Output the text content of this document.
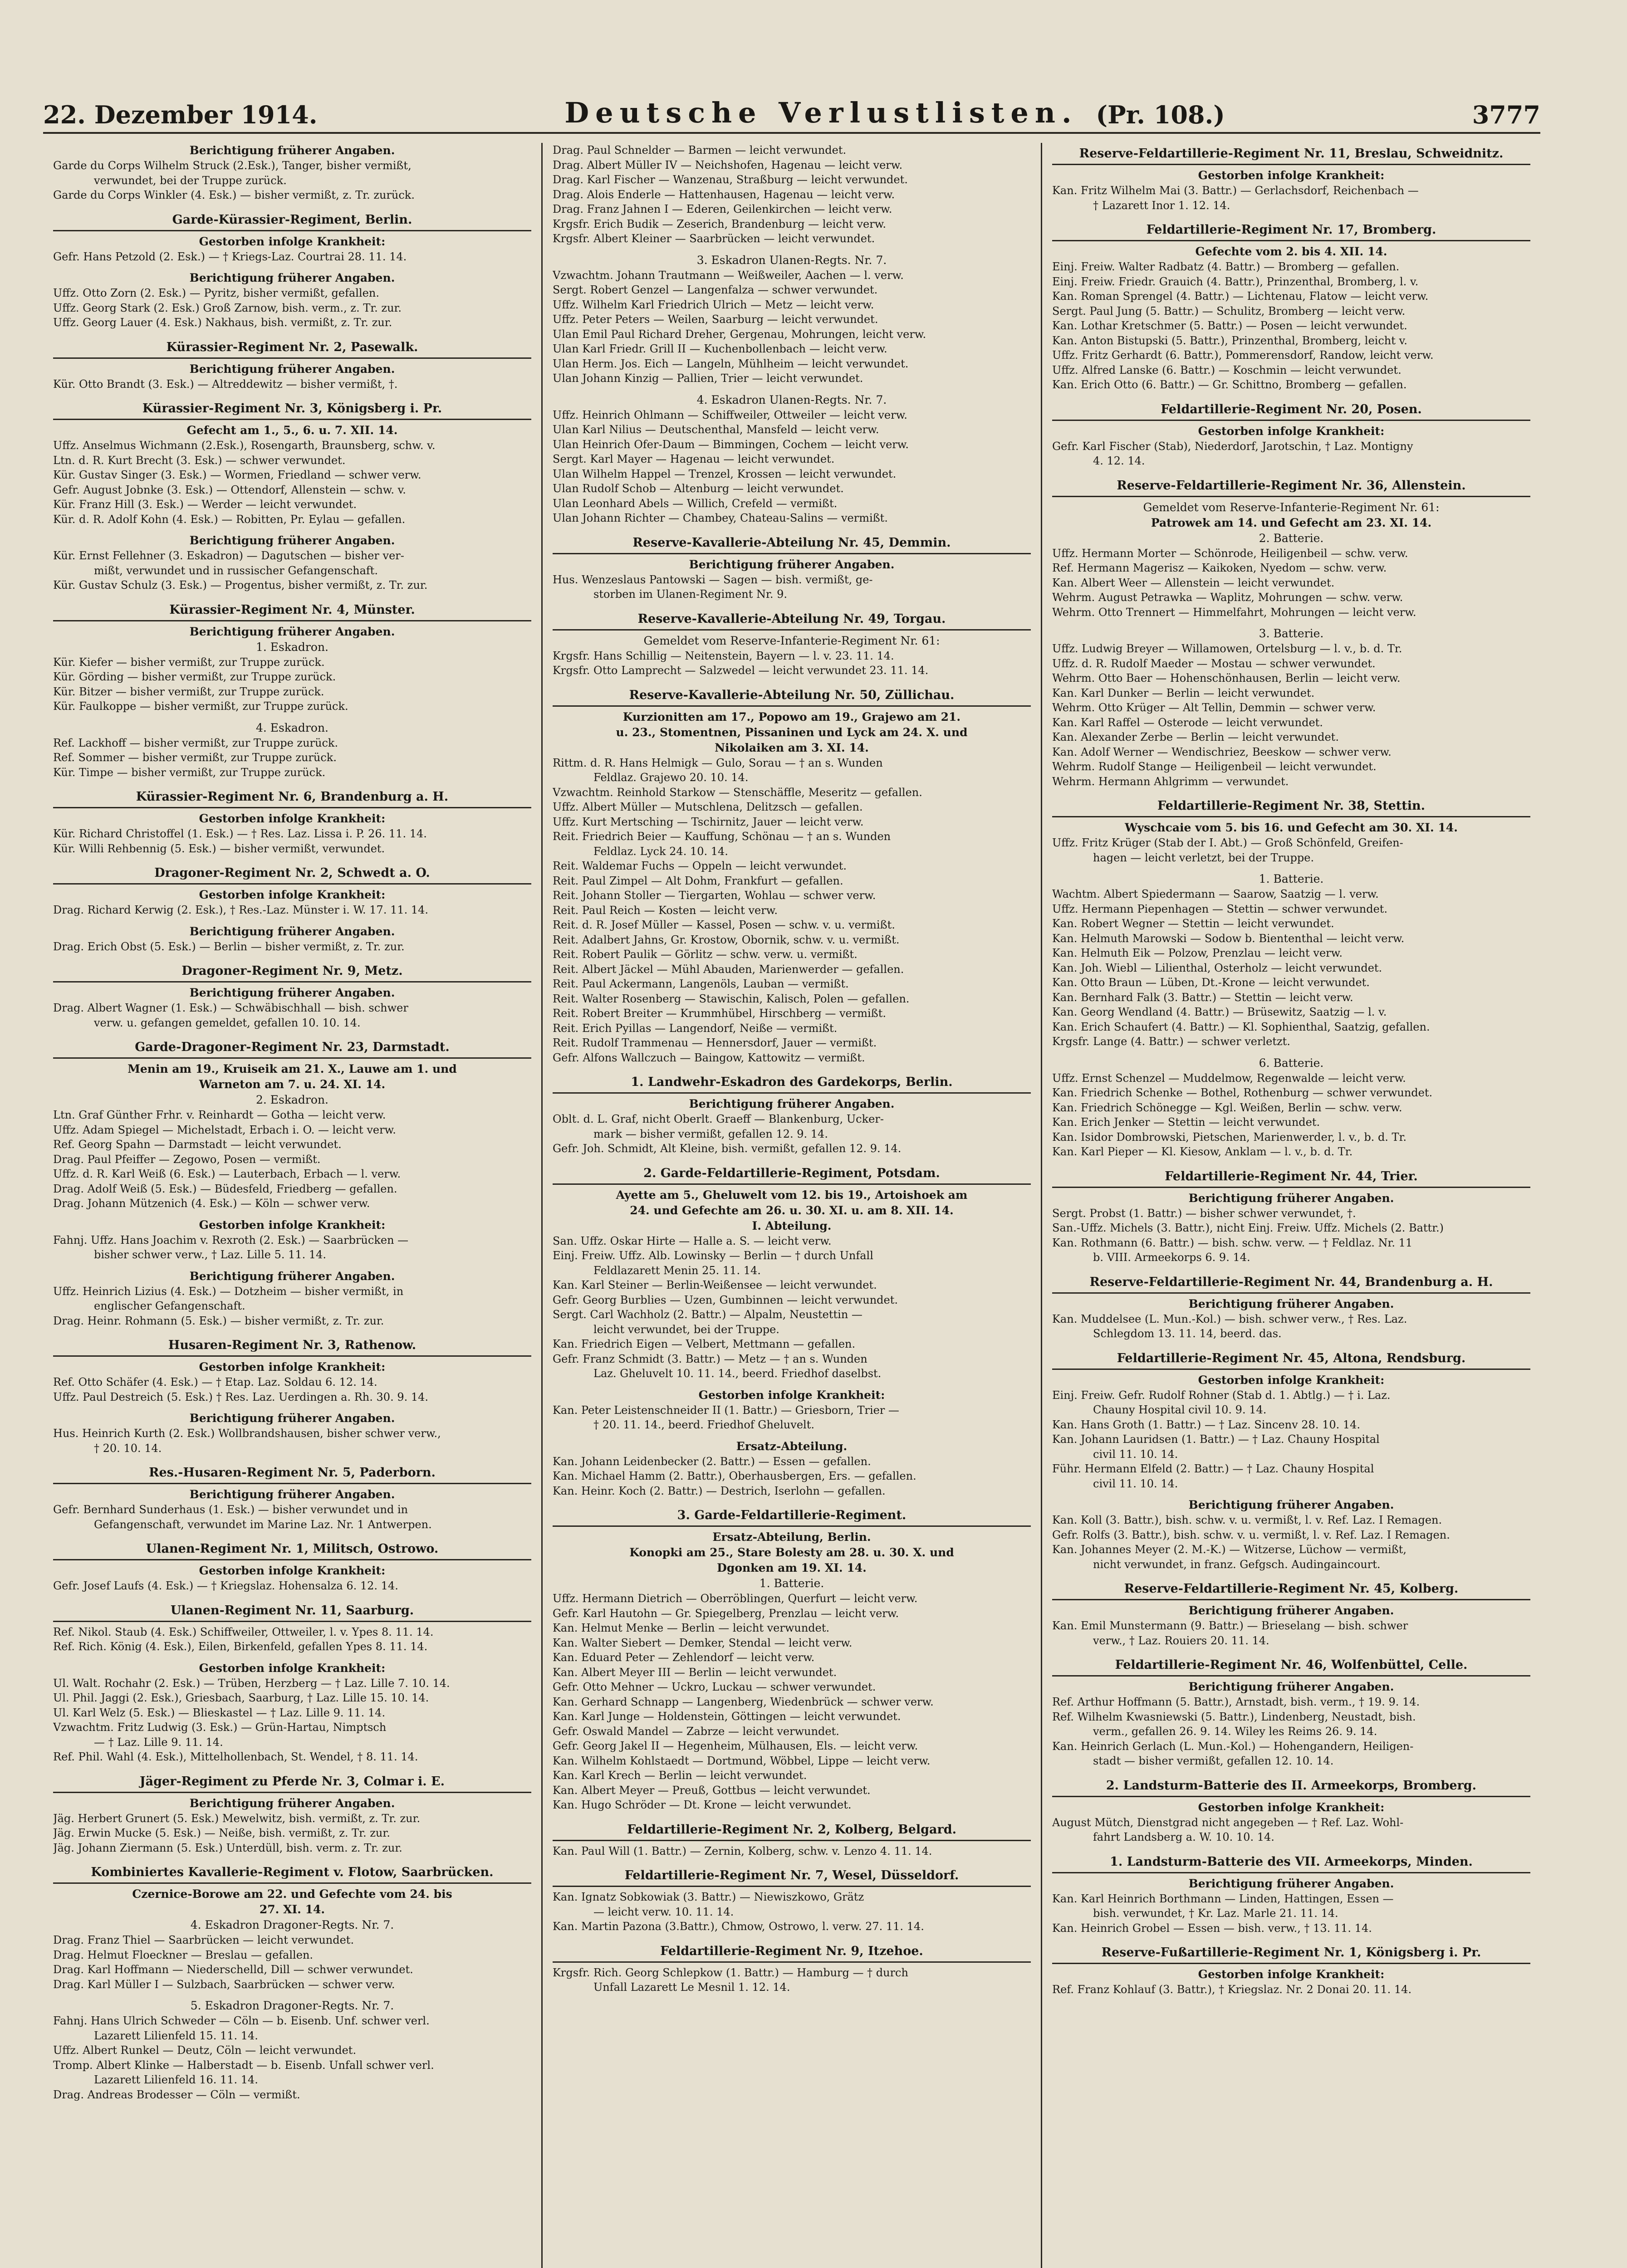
22. Dezember 1914.	Deutsche Verlustlisten. (Pr. 108.)	3777
Berichtigung früherer Angaben.
Garde du Corps Wilhelm Struck (2.Esk.), Tanger, bisher vermißt,
verwundet, bei der Truppe zurück.
Garde du Corps Winkler (4. Esk.) — bisher vermißt, z. Tr. zurück.
Garde-Kürassier-Regiment, Berlin.
Gestorben infolge Krankheit:
Gefr. Hans Petzold (2. Esk.) — † Kriegs-Laz. Courtrai 28. 11. 14.
Berichtigung früherer Angaben.
Uffz. Otto Zorn (2. Esk.) — Pyritz, bisher vermißt, gefallen.
Uffz. Georg Stark (2. Esk.) Groß Zarnow, bish. verm., z. Tr. zur.
Uffz. Georg Lauer (4. Esk.) Nakhaus, bish. vermißt, z. Tr. zur.
Kürassier-Regiment Nr. 2, Pasewalk.
Berichtigung früherer Angaben.
Kür. Otto Brandt (3. Esk.) — Altreddewitz — bisher vermißt, †.
Kürassier-Regiment Nr. 3, Königsberg i. Pr.
Gefecht am 1., 5., 6. u. 7. XII. 14.
Uffz. Anselmus Wichmann (2.Esk.), Rosengarth, Braunsberg, schw. v.
Ltn. d. R. Kurt Brecht (3. Esk.) — schwer verwundet.
Kür. Gustav Singer (3. Esk.) — Wormen, Friedland — schwer verw.
Gefr. August Jobnke (3. Esk.) — Ottendorf, Allenstein — schw. v.
Kür. Franz Hill (3. Esk.) — Werder — leicht verwundet.
Kür. d. R. Adolf Kohn (4. Esk.) — Robitten, Pr. Eylau — gefallen.
Berichtigung früherer Angaben.
Kür. Ernst Fellehner (3. Eskadron) — Dagutschen — bisher ver-
mißt, verwundet und in russischer Gefangenschaft.
Kür. Gustav Schulz (3. Esk.) — Progentus, bisher vermißt, z. Tr. zur.
Kürassier-Regiment Nr. 4, Münster.
Berichtigung früherer Angaben.
1. Eskadron.
Kür. Kiefer — bisher vermißt, zur Truppe zurück.
Kür. Görding — bisher vermißt, zur Truppe zurück.
Kür. Bitzer — bisher vermißt, zur Truppe zurück.
Kür. Faulkoppe — bisher vermißt, zur Truppe zurück.
4. Eskadron.
Ref. Lackhoff — bisher vermißt, zur Truppe zurück.
Ref. Sommer — bisher vermißt, zur Truppe zurück.
Kür. Timpe — bisher vermißt, zur Truppe zurück.
Kürassier-Regiment Nr. 6, Brandenburg a. H.
Gestorben infolge Krankheit:
Kür. Richard Christoffel (1. Esk.) — † Res. Laz. Lissa i. P. 26. 11. 14.
Kür. Willi Rehbennig (5. Esk.) — bisher vermißt, verwundet.
Dragoner-Regiment Nr. 2, Schwedt a. O.
Gestorben infolge Krankheit:
Drag. Richard Kerwig (2. Esk.), † Res.-Laz. Münster i. W. 17. 11. 14.
Berichtigung früherer Angaben.
Drag. Erich Obst (5. Esk.) — Berlin — bisher vermißt, z. Tr. zur.
Dragoner-Regiment Nr. 9, Metz.
Berichtigung früherer Angaben.
Drag. Albert Wagner (1. Esk.) — Schwäbischhall — bish. schwer
verw. u. gefangen gemeldet, gefallen 10. 10. 14.
Garde-Dragoner-Regiment Nr. 23, Darmstadt.
Menin am 19., Kruiseik am 21. X., Lauwe am 1. und
Warneton am 7. u. 24. XI. 14.
2. Eskadron.
Ltn. Graf Günther Frhr. v. Reinhardt — Gotha — leicht verw.
Uffz. Adam Spiegel — Michelstadt, Erbach i. O. — leicht verw.
Ref. Georg Spahn — Darmstadt — leicht verwundet.
Drag. Paul Pfeiffer — Zegowo, Posen — vermißt.
Uffz. d. R. Karl Weiß (6. Esk.) — Lauterbach, Erbach — l. verw.
Drag. Adolf Weiß (5. Esk.) — Büdesfeld, Friedberg — gefallen.
Drag. Johann Mützenich (4. Esk.) — Köln — schwer verw.
Gestorben infolge Krankheit:
Fahnj. Uffz. Hans Joachim v. Rexroth (2. Esk.) — Saarbrücken —
bisher schwer verw., † Laz. Lille 5. 11. 14.
Berichtigung früherer Angaben.
Uffz. Heinrich Lizius (4. Esk.) — Dotzheim — bisher vermißt, in
englischer Gefangenschaft.
Drag. Heinr. Rohmann (5. Esk.) — bisher vermißt, z. Tr. zur.
Husaren-Regiment Nr. 3, Rathenow.
Gestorben infolge Krankheit:
Ref. Otto Schäfer (4. Esk.) — † Etap. Laz. Soldau 6. 12. 14.
Uffz. Paul Destreich (5. Esk.) † Res. Laz. Uerdingen a. Rh. 30. 9. 14.
Berichtigung früherer Angaben.
Hus. Heinrich Kurth (2. Esk.) Wollbrandshausen, bisher schwer verw.,
† 20. 10. 14.
Res.-Husaren-Regiment Nr. 5, Paderborn.
Berichtigung früherer Angaben.
Gefr. Bernhard Sunderhaus (1. Esk.) — bisher verwundet und in
Gefangenschaft, verwundet im Marine Laz. Nr. 1 Antwerpen.
Ulanen-Regiment Nr. 1, Militsch, Ostrowo.
Gestorben infolge Krankheit:
Gefr. Josef Laufs (4. Esk.) — † Kriegslaz. Hohensalza 6. 12. 14.
Ulanen-Regiment Nr. 11, Saarburg.
Ref. Nikol. Staub (4. Esk.) Schiffweiler, Ottweiler, l. v. Ypes 8. 11. 14.
Ref. Rich. König (4. Esk.), Eilen, Birkenfeld, gefallen Ypes 8. 11. 14.
Gestorben infolge Krankheit:
Ul. Walt. Rochahr (2. Esk.) — Trüben, Herzberg — † Laz. Lille 7. 10. 14.
Ul. Phil. Jaggi (2. Esk.), Griesbach, Saarburg, † Laz. Lille 15. 10. 14.
Ul. Karl Welz (5. Esk.) — Blieskastel — † Laz. Lille 9. 11. 14.
Vzwachtm. Fritz Ludwig (3. Esk.) — Grün-Hartau, Nimptsch
— † Laz. Lille 9. 11. 14.
Ref. Phil. Wahl (4. Esk.), Mittelhollenbach, St. Wendel, † 8. 11. 14.
Jäger-Regiment zu Pferde Nr. 3, Colmar i. E.
Berichtigung früherer Angaben.
Jäg. Herbert Grunert (5. Esk.) Mewelwitz, bish. vermißt, z. Tr. zur.
Jäg. Erwin Mucke (5. Esk.) — Neiße, bish. vermißt, z. Tr. zur.
Jäg. Johann Ziermann (5. Esk.) Unterdüll, bish. verm. z. Tr. zur.
Kombiniertes Kavallerie-Regiment v. Flotow, Saarbrücken.
Czernice-Borowe am 22. und Gefechte vom 24. bis
27. XI. 14.
4. Eskadron Dragoner-Regts. Nr. 7.
Drag. Franz Thiel — Saarbrücken — leicht verwundet.
Drag. Helmut Floeckner — Breslau — gefallen.
Drag. Karl Hoffmann — Niederschelld, Dill — schwer verwundet.
Drag. Karl Müller I — Sulzbach, Saarbrücken — schwer verw.
5. Eskadron Dragoner-Regts. Nr. 7.
Fahnj. Hans Ulrich Schweder — Cöln — b. Eisenb. Unf. schwer verl.
Lazarett Lilienfeld 15. 11. 14.
Uffz. Albert Runkel — Deutz, Cöln — leicht verwundet.
Tromp. Albert Klinke — Halberstadt — b. Eisenb. Unfall schwer verl.
Lazarett Lilienfeld 16. 11. 14.
Drag. Andreas Brodesser — Cöln — vermißt.
Drag. Paul Schnelder — Barmen — leicht verwundet.
Drag. Albert Müller IV — Neichshofen, Hagenau — leicht verw.
Drag. Karl Fischer — Wanzenau, Straßburg — leicht verwundet.
Drag. Alois Enderle — Hattenhausen, Hagenau — leicht verw.
Drag. Franz Jahnen I — Ederen, Geilenkirchen — leicht verw.
Krgsfr. Erich Budik — Zeserich, Brandenburg — leicht verw.
Krgsfr. Albert Kleiner — Saarbrücken — leicht verwundet.
3. Eskadron Ulanen-Regts. Nr. 7.
Vzwachtm. Johann Trautmann — Weißweiler, Aachen — l. verw.
Sergt. Robert Genzel — Langenfalza — schwer verwundet.
Uffz. Wilhelm Karl Friedrich Ulrich — Metz — leicht verw.
Uffz. Peter Peters — Weilen, Saarburg — leicht verwundet.
Ulan Emil Paul Richard Dreher, Gergenau, Mohrungen, leicht verw.
Ulan Karl Friedr. Grill II — Kuchenbollenbach — leicht verw.
Ulan Herm. Jos. Eich — Langeln, Mühlheim — leicht verwundet.
Ulan Johann Kinzig — Pallien, Trier — leicht verwundet.
4. Eskadron Ulanen-Regts. Nr. 7.
Uffz. Heinrich Ohlmann — Schiffweiler, Ottweiler — leicht verw.
Ulan Karl Nilius — Deutschenthal, Mansfeld — leicht verw.
Ulan Heinrich Ofer-Daum — Bimmingen, Cochem — leicht verw.
Sergt. Karl Mayer — Hagenau — leicht verwundet.
Ulan Wilhelm Happel — Trenzel, Krossen — leicht verwundet.
Ulan Rudolf Schob — Altenburg — leicht verwundet.
Ulan Leonhard Abels — Willich, Crefeld — vermißt.
Ulan Johann Richter — Chambey, Chateau-Salins — vermißt.
Reserve-Kavallerie-Abteilung Nr. 45, Demmin.
Berichtigung früherer Angaben.
Hus. Wenzeslaus Pantowski — Sagen — bish. vermißt, ge-
storben im Ulanen-Regiment Nr. 9.
Reserve-Kavallerie-Abteilung Nr. 49, Torgau.
Gemeldet vom Reserve-Infanterie-Regiment Nr. 61:
Krgsfr. Hans Schillig — Neitenstein, Bayern — l. v. 23. 11. 14.
Krgsfr. Otto Lamprecht — Salzwedel — leicht verwundet 23. 11. 14.
Reserve-Kavallerie-Abteilung Nr. 50, Züllichau.
Kurzionitten am 17., Popowo am 19., Grajewo am 21.
u. 23., Stomentnen, Pissaninen und Lyck am 24. X. und
Nikolaiken am 3. XI. 14.
Rittm. d. R. Hans Helmigk — Gulo, Sorau — † an s. Wunden
Feldlaz. Grajewo 20. 10. 14.
Vzwachtm. Reinhold Starkow — Stenschäffle, Meseritz — gefallen.
Uffz. Albert Müller — Mutschlena, Delitzsch — gefallen.
Uffz. Kurt Mertsching — Tschirnitz, Jauer — leicht verw.
Reit. Friedrich Beier — Kauffung, Schönau — † an s. Wunden
Feldlaz. Lyck 24. 10. 14.
Reit. Waldemar Fuchs — Oppeln — leicht verwundet.
Reit. Paul Zimpel — Alt Dohm, Frankfurt — gefallen.
Reit. Johann Stoller — Tiergarten, Wohlau — schwer verw.
Reit. Paul Reich — Kosten — leicht verw.
Reit. d. R. Josef Müller — Kassel, Posen — schw. v. u. vermißt.
Reit. Adalbert Jahns, Gr. Krostow, Obornik, schw. v. u. vermißt.
Reit. Robert Paulik — Görlitz — schw. verw. u. vermißt.
Reit. Albert Jäckel — Mühl Abauden, Marienwerder — gefallen.
Reit. Paul Ackermann, Langenöls, Lauban — vermißt.
Reit. Walter Rosenberg — Stawischin, Kalisch, Polen — gefallen.
Reit. Robert Breiter — Krummhübel, Hirschberg — vermißt.
Reit. Erich Pyillas — Langendorf, Neiße — vermißt.
Reit. Rudolf Trammenau — Hennersdorf, Jauer — vermißt.
Gefr. Alfons Wallczuch — Baingow, Kattowitz — vermißt.
1. Landwehr-Eskadron des Gardekorps, Berlin.
Berichtigung früherer Angaben.
Oblt. d. L. Graf, nicht Oberlt. Graeff — Blankenburg, Ucker-
mark — bisher vermißt, gefallen 12. 9. 14.
Gefr. Joh. Schmidt, Alt Kleine, bish. vermißt, gefallen 12. 9. 14.
2. Garde-Feldartillerie-Regiment, Potsdam.
Ayette am 5., Gheluwelt vom 12. bis 19., Artoishoek am
24. und Gefechte am 26. u. 30. XI. u. am 8. XII. 14.
I. Abteilung.
San. Uffz. Oskar Hirte — Halle a. S. — leicht verw.
Einj. Freiw. Uffz. Alb. Lowinsky — Berlin — † durch Unfall
Feldlazarett Menin 25. 11. 14.
Kan. Karl Steiner — Berlin-Weißensee — leicht verwundet.
Gefr. Georg Burblies — Uzen, Gumbinnen — leicht verwundet.
Sergt. Carl Wachholz (2. Battr.) — Alpalm, Neustettin —
leicht verwundet, bei der Truppe.
Kan. Friedrich Eigen — Velbert, Mettmann — gefallen.
Gefr. Franz Schmidt (3. Battr.) — Metz — † an s. Wunden
Laz. Gheluvelt 10. 11. 14., beerd. Friedhof daselbst.
Gestorben infolge Krankheit:
Kan. Peter Leistenschneider II (1. Battr.) — Griesborn, Trier —
† 20. 11. 14., beerd. Friedhof Gheluvelt.
Ersatz-Abteilung.
Kan. Johann Leidenbecker (2. Battr.) — Essen — gefallen.
Kan. Michael Hamm (2. Battr.), Oberhausbergen, Ers. — gefallen.
Kan. Heinr. Koch (2. Battr.) — Destrich, Iserlohn — gefallen.
3. Garde-Feldartillerie-Regiment.
Ersatz-Abteilung, Berlin.
Konopki am 25., Stare Bolesty am 28. u. 30. X. und
Dgonken am 19. XI. 14.
1. Batterie.
Uffz. Hermann Dietrich — Oberröblingen, Querfurt — leicht verw.
Gefr. Karl Hautohn — Gr. Spiegelberg, Prenzlau — leicht verw.
Kan. Helmut Menke — Berlin — leicht verwundet.
Kan. Walter Siebert — Demker, Stendal — leicht verw.
Kan. Eduard Peter — Zehlendorf — leicht verw.
Kan. Albert Meyer III — Berlin — leicht verwundet.
Gefr. Otto Mehner — Uckro, Luckau — schwer verwundet.
Kan. Gerhard Schnapp — Langenberg, Wiedenbrück — schwer verw.
Kan. Karl Junge — Holdenstein, Göttingen — leicht verwundet.
Gefr. Oswald Mandel — Zabrze — leicht verwundet.
Gefr. Georg Jakel II — Hegenheim, Mülhausen, Els. — leicht verw.
Kan. Wilhelm Kohlstaedt — Dortmund, Wöbbel, Lippe — leicht verw.
Kan. Karl Krech — Berlin — leicht verwundet.
Kan. Albert Meyer — Preuß, Gottbus — leicht verwundet.
Kan. Hugo Schröder — Dt. Krone — leicht verwundet.
Feldartillerie-Regiment Nr. 2, Kolberg, Belgard.
Kan. Paul Will (1. Battr.) — Zernin, Kolberg, schw. v. Lenzo 4. 11. 14.
Feldartillerie-Regiment Nr. 7, Wesel, Düsseldorf.
Kan. Ignatz Sobkowiak (3. Battr.) — Niewiszkowo, Grätz
— leicht verw. 10. 11. 14.
Kan. Martin Pazona (3.Battr.), Chmow, Ostrowo, l. verw. 27. 11. 14.
Feldartillerie-Regiment Nr. 9, Itzehoe.
Krgsfr. Rich. Georg Schlepkow (1. Battr.) — Hamburg — † durch
Unfall Lazarett Le Mesnil 1. 12. 14.
Reserve-Feldartillerie-Regiment Nr. 11, Breslau, Schweidnitz.
Gestorben infolge Krankheit:
Kan. Fritz Wilhelm Mai (3. Battr.) — Gerlachsdorf, Reichenbach —
† Lazarett Inor 1. 12. 14.
Feldartillerie-Regiment Nr. 17, Bromberg.
Gefechte vom 2. bis 4. XII. 14.
Einj. Freiw. Walter Radbatz (4. Battr.) — Bromberg — gefallen.
Einj. Freiw. Friedr. Grauich (4. Battr.), Prinzenthal, Bromberg, l. v.
Kan. Roman Sprengel (4. Battr.) — Lichtenau, Flatow — leicht verw.
Sergt. Paul Jung (5. Battr.) — Schulitz, Bromberg — leicht verw.
Kan. Lothar Kretschmer (5. Battr.) — Posen — leicht verwundet.
Kan. Anton Bistupski (5. Battr.), Prinzenthal, Bromberg, leicht v.
Uffz. Fritz Gerhardt (6. Battr.), Pommerensdorf, Randow, leicht verw.
Uffz. Alfred Lanske (6. Battr.) — Koschmin — leicht verwundet.
Kan. Erich Otto (6. Battr.) — Gr. Schittno, Bromberg — gefallen.
Feldartillerie-Regiment Nr. 20, Posen.
Gestorben infolge Krankheit:
Gefr. Karl Fischer (Stab), Niederdorf, Jarotschin, † Laz. Montigny
4. 12. 14.
Reserve-Feldartillerie-Regiment Nr. 36, Allenstein.
Gemeldet vom Reserve-Infanterie-Regiment Nr. 61:
Patrowek am 14. und Gefecht am 23. XI. 14.
2. Batterie.
Uffz. Hermann Morter — Schönrode, Heiligenbeil — schw. verw.
Ref. Hermann Magerisz — Kaikoken, Nyedom — schw. verw.
Kan. Albert Weer — Allenstein — leicht verwundet.
Wehrm. August Petrawka — Waplitz, Mohrungen — schw. verw.
Wehrm. Otto Trennert — Himmelfahrt, Mohrungen — leicht verw.
3. Batterie.
Uffz. Ludwig Breyer — Willamowen, Ortelsburg — l. v., b. d. Tr.
Uffz. d. R. Rudolf Maeder — Mostau — schwer verwundet.
Wehrm. Otto Baer — Hohenschönhausen, Berlin — leicht verw.
Kan. Karl Dunker — Berlin — leicht verwundet.
Wehrm. Otto Krüger — Alt Tellin, Demmin — schwer verw.
Kan. Karl Raffel — Osterode — leicht verwundet.
Kan. Alexander Zerbe — Berlin — leicht verwundet.
Kan. Adolf Werner — Wendischriez, Beeskow — schwer verw.
Wehrm. Rudolf Stange — Heiligenbeil — leicht verwundet.
Wehrm. Hermann Ahlgrimm — verwundet.
Feldartillerie-Regiment Nr. 38, Stettin.
Wyschcaie vom 5. bis 16. und Gefecht am 30. XI. 14.
Uffz. Fritz Krüger (Stab der I. Abt.) — Groß Schönfeld, Greifen-
hagen — leicht verletzt, bei der Truppe.
1. Batterie.
Wachtm. Albert Spiedermann — Saarow, Saatzig — l. verw.
Uffz. Hermann Piepenhagen — Stettin — schwer verwundet.
Kan. Robert Wegner — Stettin — leicht verwundet.
Kan. Helmuth Marowski — Sodow b. Biententhal — leicht verw.
Kan. Helmuth Eik — Polzow, Prenzlau — leicht verw.
Kan. Joh. Wiebl — Lilienthal, Osterholz — leicht verwundet.
Kan. Otto Braun — Lüben, Dt.-Krone — leicht verwundet.
Kan. Bernhard Falk (3. Battr.) — Stettin — leicht verw.
Kan. Georg Wendland (4. Battr.) — Brüsewitz, Saatzig — l. v.
Kan. Erich Schaufert (4. Battr.) — Kl. Sophienthal, Saatzig, gefallen.
Krgsfr. Lange (4. Battr.) — schwer verletzt.
6. Batterie.
Uffz. Ernst Schenzel — Muddelmow, Regenwalde — leicht verw.
Kan. Friedrich Schenke — Bothel, Rothenburg — schwer verwundet.
Kan. Friedrich Schönegge — Kgl. Weißen, Berlin — schw. verw.
Kan. Erich Jenker — Stettin — leicht verwundet.
Kan. Isidor Dombrowski, Pietschen, Marienwerder, l. v., b. d. Tr.
Kan. Karl Pieper — Kl. Kiesow, Anklam — l. v., b. d. Tr.
Feldartillerie-Regiment Nr. 44, Trier.
Berichtigung früherer Angaben.
Sergt. Probst (1. Battr.) — bisher schwer verwundet, †.
San.-Uffz. Michels (3. Battr.), nicht Einj. Freiw. Uffz. Michels (2. Battr.)
Kan. Rothmann (6. Battr.) — bish. schw. verw. — † Feldlaz. Nr. 11
b. VIII. Armeekorps 6. 9. 14.
Reserve-Feldartillerie-Regiment Nr. 44, Brandenburg a. H.
Berichtigung früherer Angaben.
Kan. Muddelsee (L. Mun.-Kol.) — bish. schwer verw., † Res. Laz.
Schlegdom 13. 11. 14, beerd. das.
Feldartillerie-Regiment Nr. 45, Altona, Rendsburg.
Gestorben infolge Krankheit:
Einj. Freiw. Gefr. Rudolf Rohner (Stab d. 1. Abtlg.) — † i. Laz.
Chauny Hospital civil 10. 9. 14.
Kan. Hans Groth (1. Battr.) — † Laz. Sincenv 28. 10. 14.
Kan. Johann Lauridsen (1. Battr.) — † Laz. Chauny Hospital
civil 11. 10. 14.
Führ. Hermann Elfeld (2. Battr.) — † Laz. Chauny Hospital
civil 11. 10. 14.
Berichtigung früherer Angaben.
Kan. Koll (3. Battr.), bish. schw. v. u. vermißt, l. v. Ref. Laz. I Remagen.
Gefr. Rolfs (3. Battr.), bish. schw. v. u. vermißt, l. v. Ref. Laz. I Remagen.
Kan. Johannes Meyer (2. M.-K.) — Witzerse, Lüchow — vermißt,
nicht verwundet, in franz. Gefgsch. Audingaincourt.
Reserve-Feldartillerie-Regiment Nr. 45, Kolberg.
Berichtigung früherer Angaben.
Kan. Emil Munstermann (9. Battr.) — Brieselang — bish. schwer
verw., † Laz. Rouiers 20. 11. 14.
Feldartillerie-Regiment Nr. 46, Wolfenbüttel, Celle.
Berichtigung früherer Angaben.
Ref. Arthur Hoffmann (5. Battr.), Arnstadt, bish. verm., † 19. 9. 14.
Ref. Wilhelm Kwasniewski (5. Battr.), Lindenberg, Neustadt, bish.
verm., gefallen 26. 9. 14. Wiley les Reims 26. 9. 14.
Kan. Heinrich Gerlach (L. Mun.-Kol.) — Hohengandern, Heiligen-
stadt — bisher vermißt, gefallen 12. 10. 14.
2. Landsturm-Batterie des II. Armeekorps, Bromberg.
Gestorben infolge Krankheit:
August Mütch, Dienstgrad nicht angegeben — † Ref. Laz. Wohl-
fahrt Landsberg a. W. 10. 10. 14.
1. Landsturm-Batterie des VII. Armeekorps, Minden.
Berichtigung früherer Angaben.
Kan. Karl Heinrich Borthmann — Linden, Hattingen, Essen —
bish. verwundet, † Kr. Laz. Marle 21. 11. 14.
Kan. Heinrich Grobel — Essen — bish. verw., † 13. 11. 14.
Reserve-Fußartillerie-Regiment Nr. 1, Königsberg i. Pr.
Gestorben infolge Krankheit:
Ref. Franz Kohlauf (3. Battr.), † Kriegslaz. Nr. 2 Donai 20. 11. 14.
